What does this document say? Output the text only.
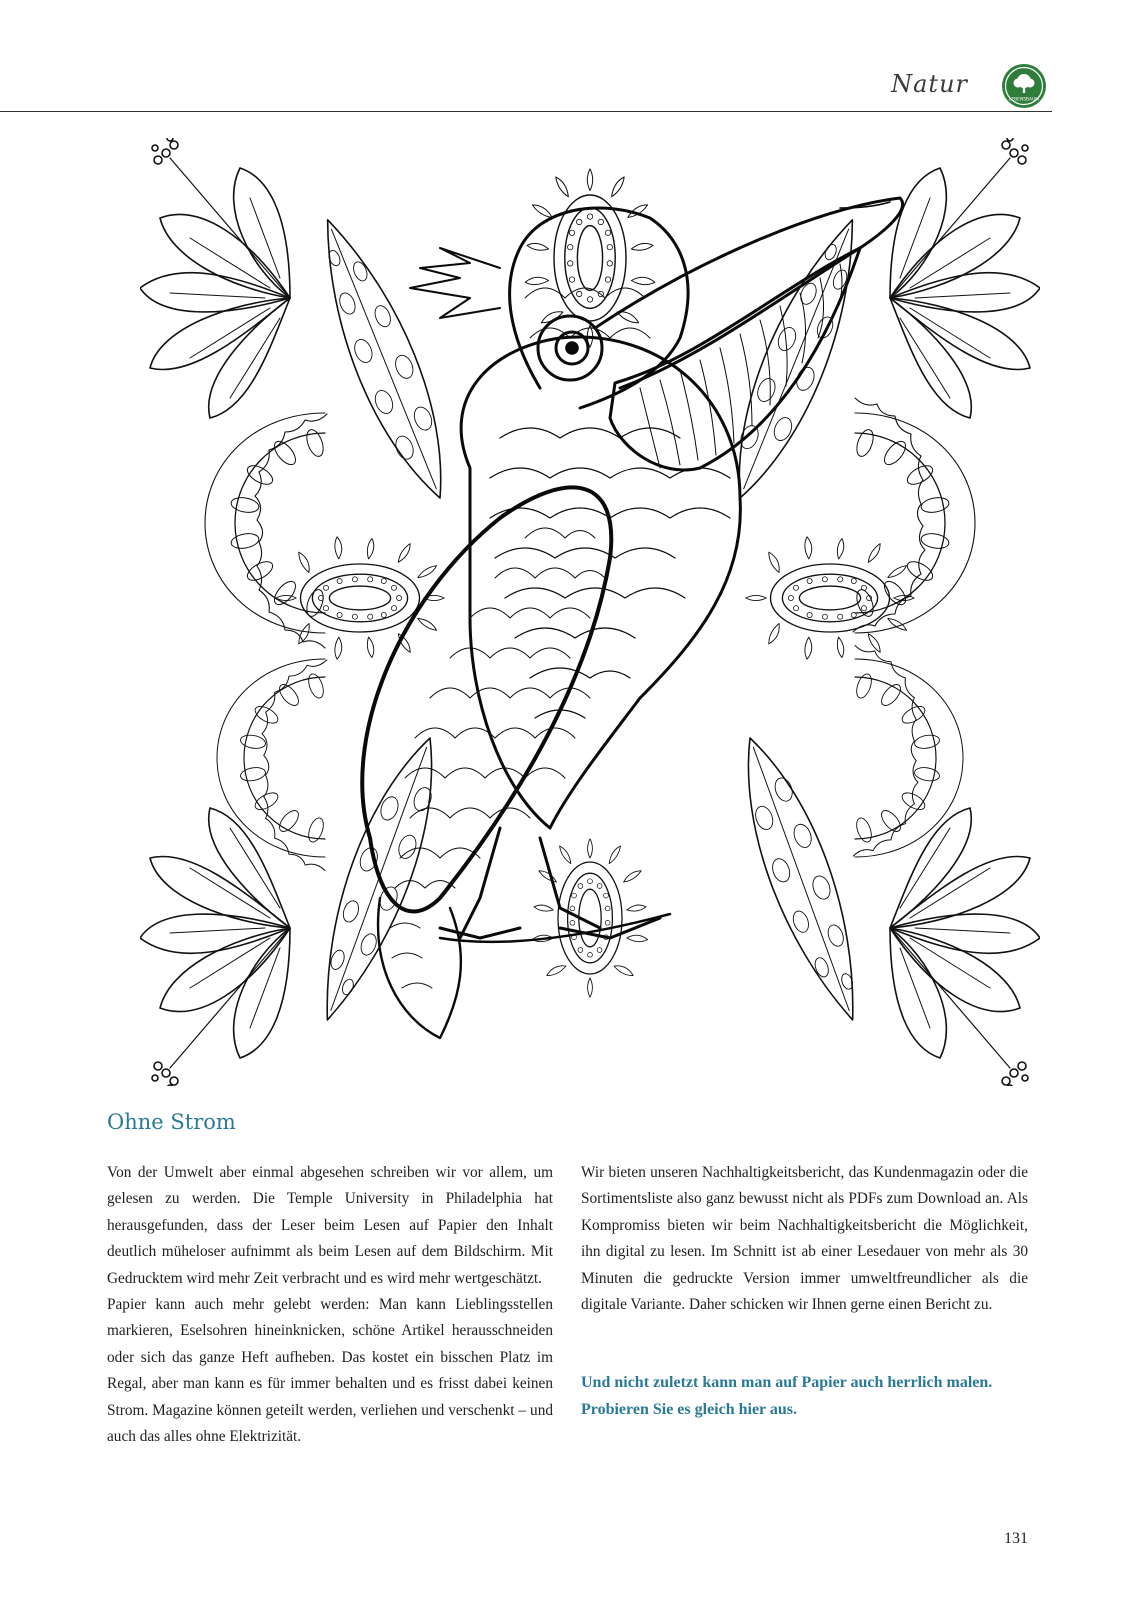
Natur
LEBENSBAUM
Ohne Strom

Von der Umwelt aber einmal abgesehen schreiben wir vor allem, um gelesen zu werden. Die Temple University in Philadelphia hat herausgefunden, dass der Leser beim Lesen auf Papier den Inhalt deutlich müheloser aufnimmt als beim Lesen auf dem Bildschirm. Mit Gedrucktem wird mehr Zeit verbracht und es wird mehr wertgeschätzt.

Papier kann auch mehr gelebt werden: Man kann Lieblingsstellen markieren, Eselsohren hineinknicken, schöne Artikel herausschneiden oder sich das ganze Heft aufheben. Das kostet ein bisschen Platz im Regal, aber man kann es für immer behalten und es frisst dabei keinen Strom. Magazine können geteilt werden, verliehen und verschenkt – und auch das alles ohne Elektrizität.

Wir bieten unseren Nachhaltigkeitsbericht, das Kundenmagazin oder die Sortimentsliste also ganz bewusst nicht als PDFs zum Download an. Als Kompromiss bieten wir beim Nachhaltigkeitsbericht die Möglichkeit, ihn digital zu lesen. Im Schnitt ist ab einer Lesedauer von mehr als 30 Minuten die gedruckte Version immer umweltfreundlicher als die digitale Variante. Daher schicken wir Ihnen gerne einen Bericht zu.

Und nicht zuletzt kann man auf Papier auch herrlich malen. Probieren Sie es gleich hier aus.

131
